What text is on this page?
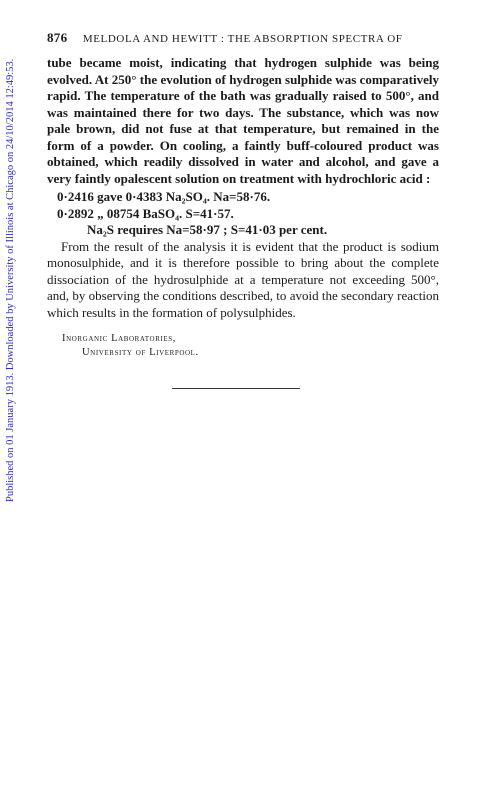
Published on 01 January 1913. Downloaded by University of Illinois at Chicago on 24/10/2014 12:49:53.
876 MELDOLA AND HEWITT : THE ABSORPTION SPECTRA OF

tube became moist, indicating that hydrogen sulphide was being evolved. At 250° the evolution of hydrogen sulphide was comparatively rapid. The temperature of the bath was gradually raised to 500°, and was maintained there for two days. The substance, which was now pale brown, did not fuse at that temperature, but remained in the form of a powder. On cooling, a faintly buff-coloured product was obtained, which readily dissolved in water and alcohol, and gave a very faintly opalescent solution on treatment with hydrochloric acid :

0·2416 gave 0·4383 Na₂SO₄. Na=58·76.
0·2892 „ 08754 BaSO₄. S=41·57.
Na₂S requires Na=58·97 ; S=41·03 per cent.

From the result of the analysis it is evident that the product is sodium monosulphide, and it is therefore possible to bring about the complete dissociation of the hydrosulphide at a temperature not exceeding 500°, and, by observing the conditions described, to avoid the secondary reaction which results in the formation of polysulphides.

Inorganic Laboratories,
University of Liverpool.
